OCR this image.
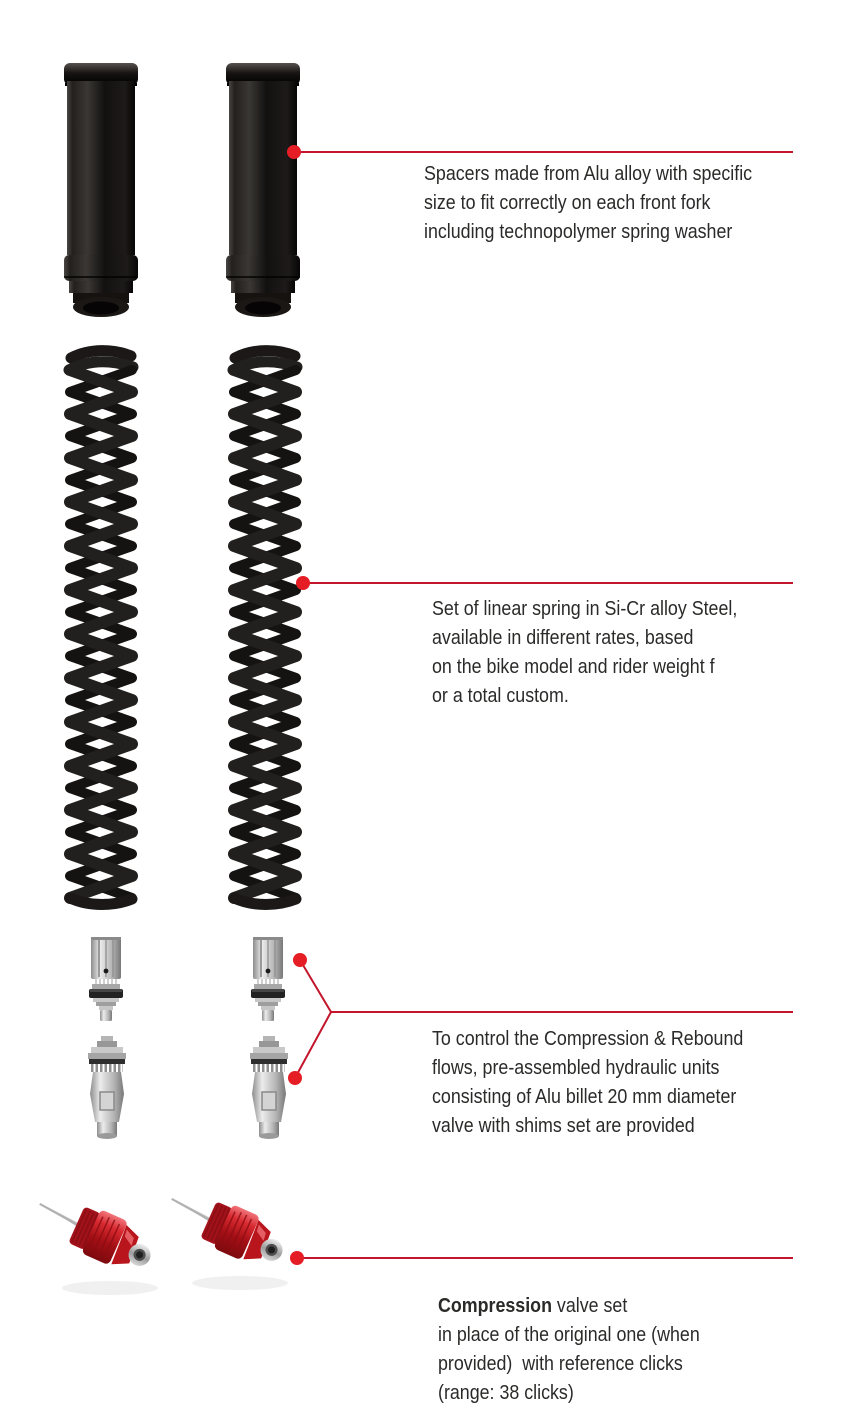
Spacers made from Alu alloy with specific
size to fit correctly on each front fork
including technopolymer spring washer
Set of linear spring in Si-Cr alloy Steel,
available in different rates, based
on the bike model and rider weight f
or a total custom.
To control the Compression & Rebound
flows, pre-assembled hydraulic units
consisting of Alu billet 20 mm diameter
valve with shims set are provided
Compression valve set
in place of the original one (when
provided)  with reference clicks
(range: 38 clicks)
